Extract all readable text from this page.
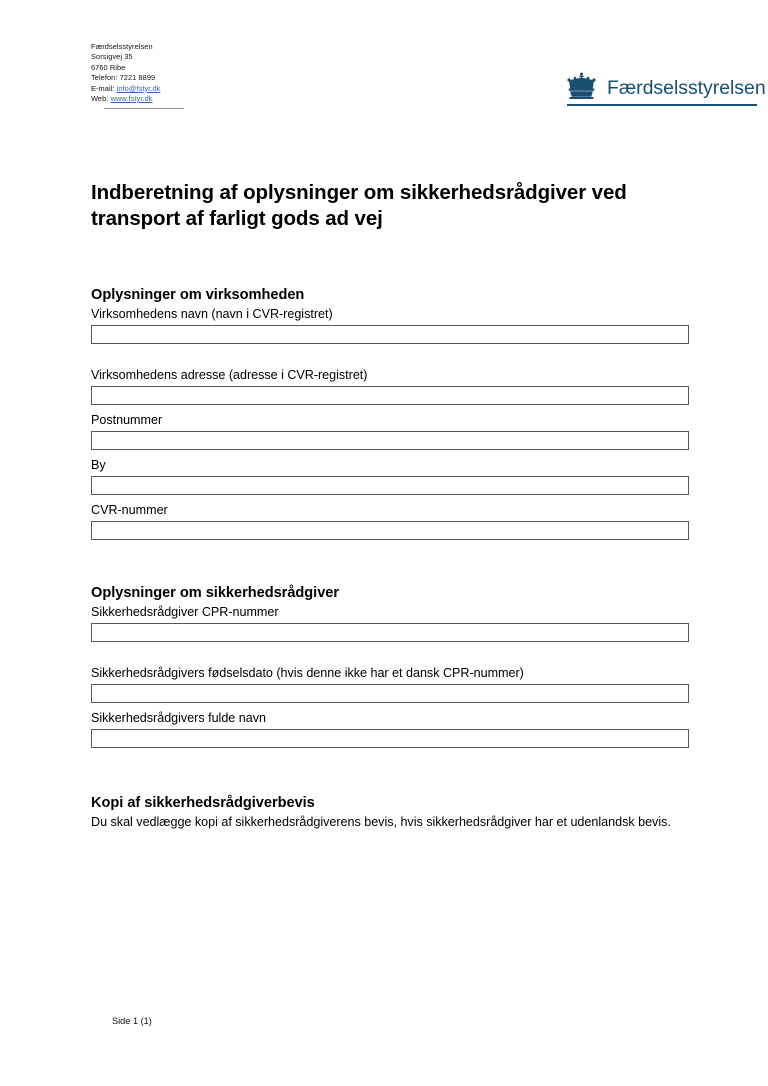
Færdselsstyrelsen
Sorsigvej 35
6760 Ribe
Telefon: 7221 8899
E-mail: info@fstyr.dk
Web: www.fstyr.dk	Færdselsstyrelsen
Indberetning af oplysninger om sikkerhedsrådgiver ved transport af farligt gods ad vej
Oplysninger om virksomheden
Virksomhedens navn (navn i CVR-registret)
Virksomhedens adresse (adresse i CVR-registret)
Postnummer
By
CVR-nummer
Oplysninger om sikkerhedsrådgiver
Sikkerhedsrådgiver CPR-nummer
Sikkerhedsrådgivers fødselsdato (hvis denne ikke har et dansk CPR-nummer)
Sikkerhedsrådgivers fulde navn
Kopi af sikkerhedsrådgiverbevis

Du skal vedlægge kopi af sikkerhedsrådgiverens bevis, hvis sikkerhedsrådgiver har et udenlandsk bevis.

Side 1 (1)
